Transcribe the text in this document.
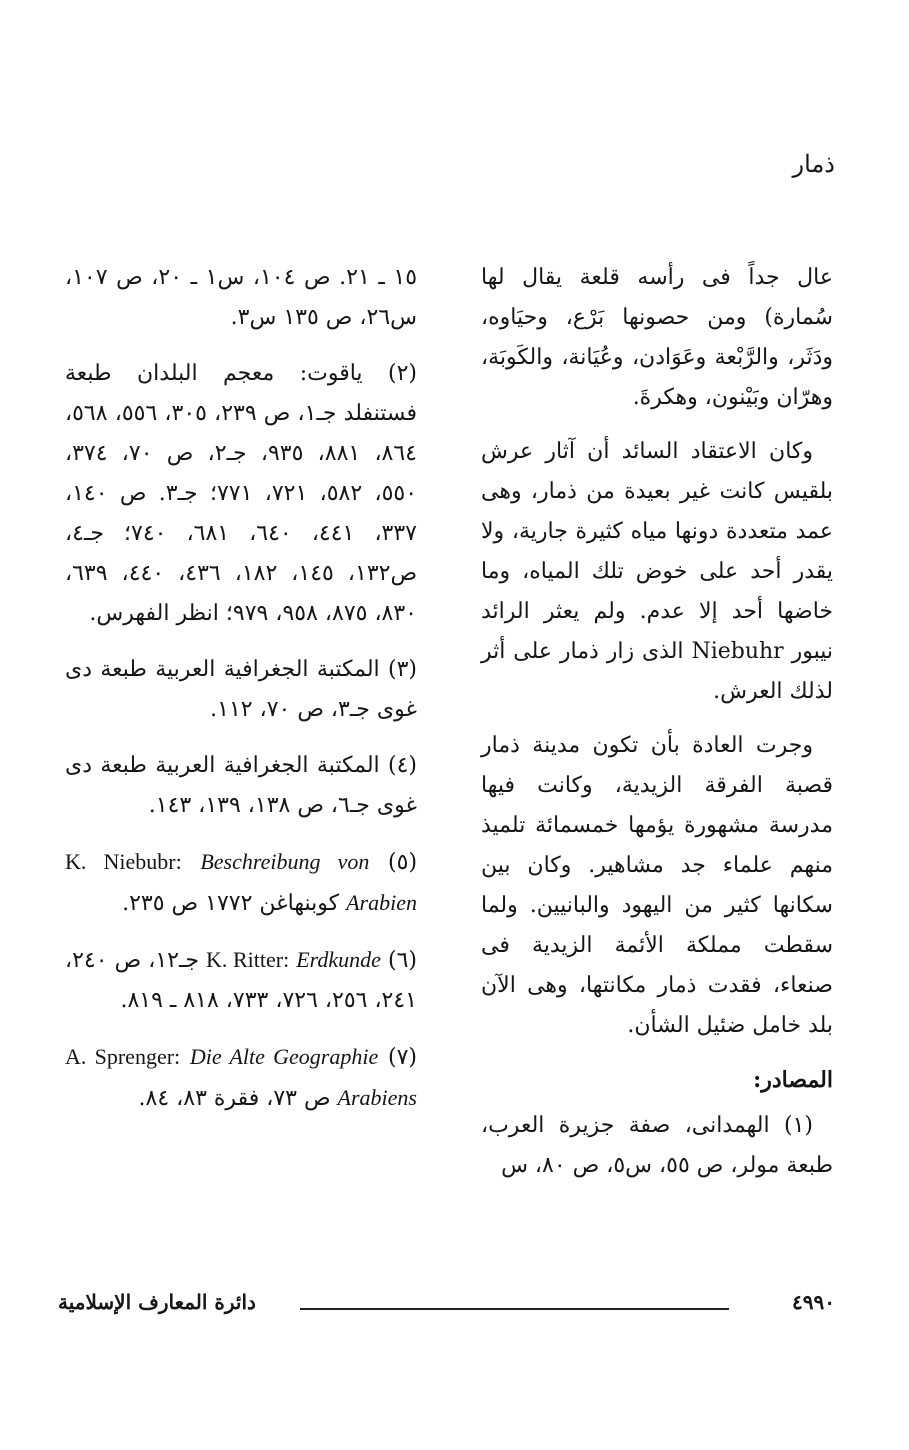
ذمار

عال جداً فى رأسه قلعة يقال لها سُمارة) ومن حصونها بَرْع، وحيَاوه، ودَثَر، والرَّبْعة وعَوَادن، وعُيَانة، والكَوبَة، وهرّان وبَيْنون، وهكرةَ.

وكان الاعتقاد السائد أن آثار عرش بلقيس كانت غير بعيدة من ذمار، وهى عمد متعددة دونها مياه كثيرة جارية، ولا يقدر أحد على خوض تلك المياه، وما خاضها أحد إلا عدم. ولم يعثر الرائد نيبور Niebuhr الذى زار ذمار على أثر لذلك العرش.

وجرت العادة بأن تكون مدينة ذمار قصبة الفرقة الزيدية، وكانت فيها مدرسة مشهورة يؤمها خمسمائة تلميذ منهم علماء جد مشاهير. وكان بين سكانها كثير من اليهود والبانيين. ولما سقطت مملكة الأئمة الزيدية فى صنعاء، فقدت ذمار مكانتها، وهى الآن بلد خامل ضئيل الشأن.

المصادر:

(١) الهمدانى، صفة جزيرة العرب، طبعة مولر، ص ٥٥، س٥، ص ٨٠، س

١٥ ـ ٢١. ص ١٠٤، س١ ـ ٢٠، ص ١٠٧، س٢٦، ص ١٣٥ س٣.

(٢) ياقوت: معجم البلدان طبعة فستنفلد جـ١، ص ٢٣٩، ٣٠٥، ٥٥٦، ٥٦٨، ٨٦٤، ٨٨١، ٩٣٥، جـ٢، ص ٧٠، ٣٧٤، ٥٥٠، ٥٨٢، ٧٢١، ٧٧١؛ جـ٣. ص ١٤٠، ٣٣٧، ٤٤١، ٦٤٠، ٦٨١، ٧٤٠؛ جـ٤، ص١٣٢، ١٤٥، ١٨٢، ٤٣٦، ٤٤٠، ٦٣٩، ٨٣٠، ٨٧٥، ٩٥٨، ٩٧٩؛ انظر الفهرس.

(٣) المكتبة الجغرافية العربية طبعة دى غوى جـ٣، ص ٧٠، ١١٢.

(٤) المكتبة الجغرافية العربية طبعة دى غوى جـ٦، ص ١٣٨، ١٣٩، ١٤٣.

(٥) K. Niebubr: Beschreibung von Arabien كوبنهاغن ١٧٧٢ ص ٢٣٥.

(٦) K. Ritter: Erdkunde جـ١٢، ص ٢٤٠، ٢٤١، ٢٥٦، ٧٢٦، ٧٣٣، ٨١٨ ـ ٨١٩.

(٧) A. Sprenger: Die Alte Geographie Arabiens ص ٧٣، فقرة ٨٣، ٨٤.

دائرة المعارف الإسلامية	٤٩٩٠
